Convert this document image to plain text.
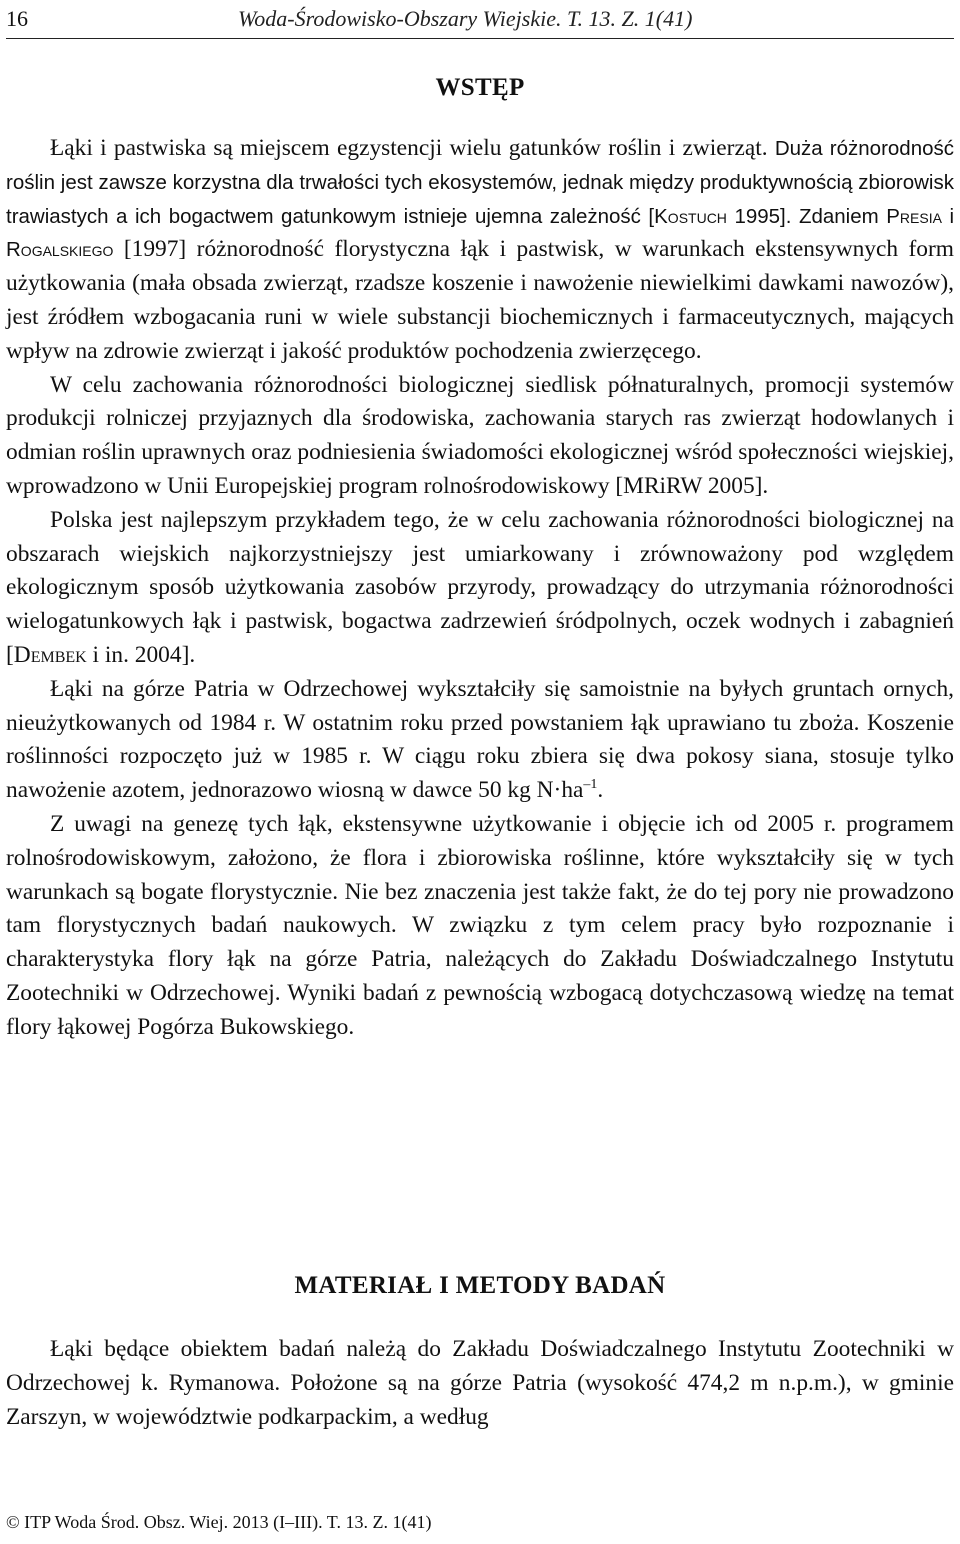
16	Woda-Środowisko-Obszary Wiejskie. T. 13. Z. 1(41)
WSTĘP

Łąki i pastwiska są miejscem egzystencji wielu gatunków roślin i zwierząt. Duża różnorodność roślin jest zawsze korzystna dla trwałości tych ekosystemów, jednak między produktywnością zbiorowisk trawiastych a ich bogactwem gatunkowym istnieje ujemna zależność [Kostuch 1995]. Zdaniem Presia i Rogalskiego [1997] różnorodność florystyczna łąk i pastwisk, w warunkach ekstensywnych form użytkowania (mała obsada zwierząt, rzadsze koszenie i nawożenie niewielkimi dawkami nawozów), jest źródłem wzbogacania runi w wiele substancji biochemicznych i farmaceutycznych, mających wpływ na zdrowie zwierząt i jakość produktów pochodzenia zwierzęcego.

W celu zachowania różnorodności biologicznej siedlisk półnaturalnych, promocji systemów produkcji rolniczej przyjaznych dla środowiska, zachowania starych ras zwierząt hodowlanych i odmian roślin uprawnych oraz podniesienia świadomości ekologicznej wśród społeczności wiejskiej, wprowadzono w Unii Europejskiej program rolnośrodowiskowy [MRiRW 2005].

Polska jest najlepszym przykładem tego, że w celu zachowania różnorodności biologicznej na obszarach wiejskich najkorzystniejszy jest umiarkowany i zrównoważony pod względem ekologicznym sposób użytkowania zasobów przyrody, prowadzący do utrzymania różnorodności wielogatunkowych łąk i pastwisk, bogactwa zadrzewień śródpolnych, oczek wodnych i zabagnień [Dembek i in. 2004].

Łąki na górze Patria w Odrzechowej wykształciły się samoistnie na byłych gruntach ornych, nieużytkowanych od 1984 r. W ostatnim roku przed powstaniem łąk uprawiano tu zboża. Koszenie roślinności rozpoczęto już w 1985 r. W ciągu roku zbiera się dwa pokosy siana, stosuje tylko nawożenie azotem, jednorazowo wiosną w dawce 50 kg $N\cdot ha^{-1}$.

Z uwagi na genezę tych łąk, ekstensywne użytkowanie i objęcie ich od 2005 r. programem rolnośrodowiskowym, założono, że flora i zbiorowiska roślinne, które wykształciły się w tych warunkach są bogate florystycznie. Nie bez znaczenia jest także fakt, że do tej pory nie prowadzono tam florystycznych badań naukowych. W związku z tym celem pracy było rozpoznanie i charakterystyka flory łąk na górze Patria, należących do Zakładu Doświadczalnego Instytutu Zootechniki w Odrzechowej. Wyniki badań z pewnością wzbogacą dotychczasową wiedzę na temat flory łąkowej Pogórza Bukowskiego.

MATERIAŁ I METODY BADAŃ

Łąki będące obiektem badań należą do Zakładu Doświadczalnego Instytutu Zootechniki w Odrzechowej k. Rymanowa. Położone są na górze Patria (wysokość 474,2 m n.p.m.), w gminie Zarszyn, w województwie podkarpackim, a według

© ITP Woda Środ. Obsz. Wiej. 2013 (I–III). T. 13. Z. 1(41)
